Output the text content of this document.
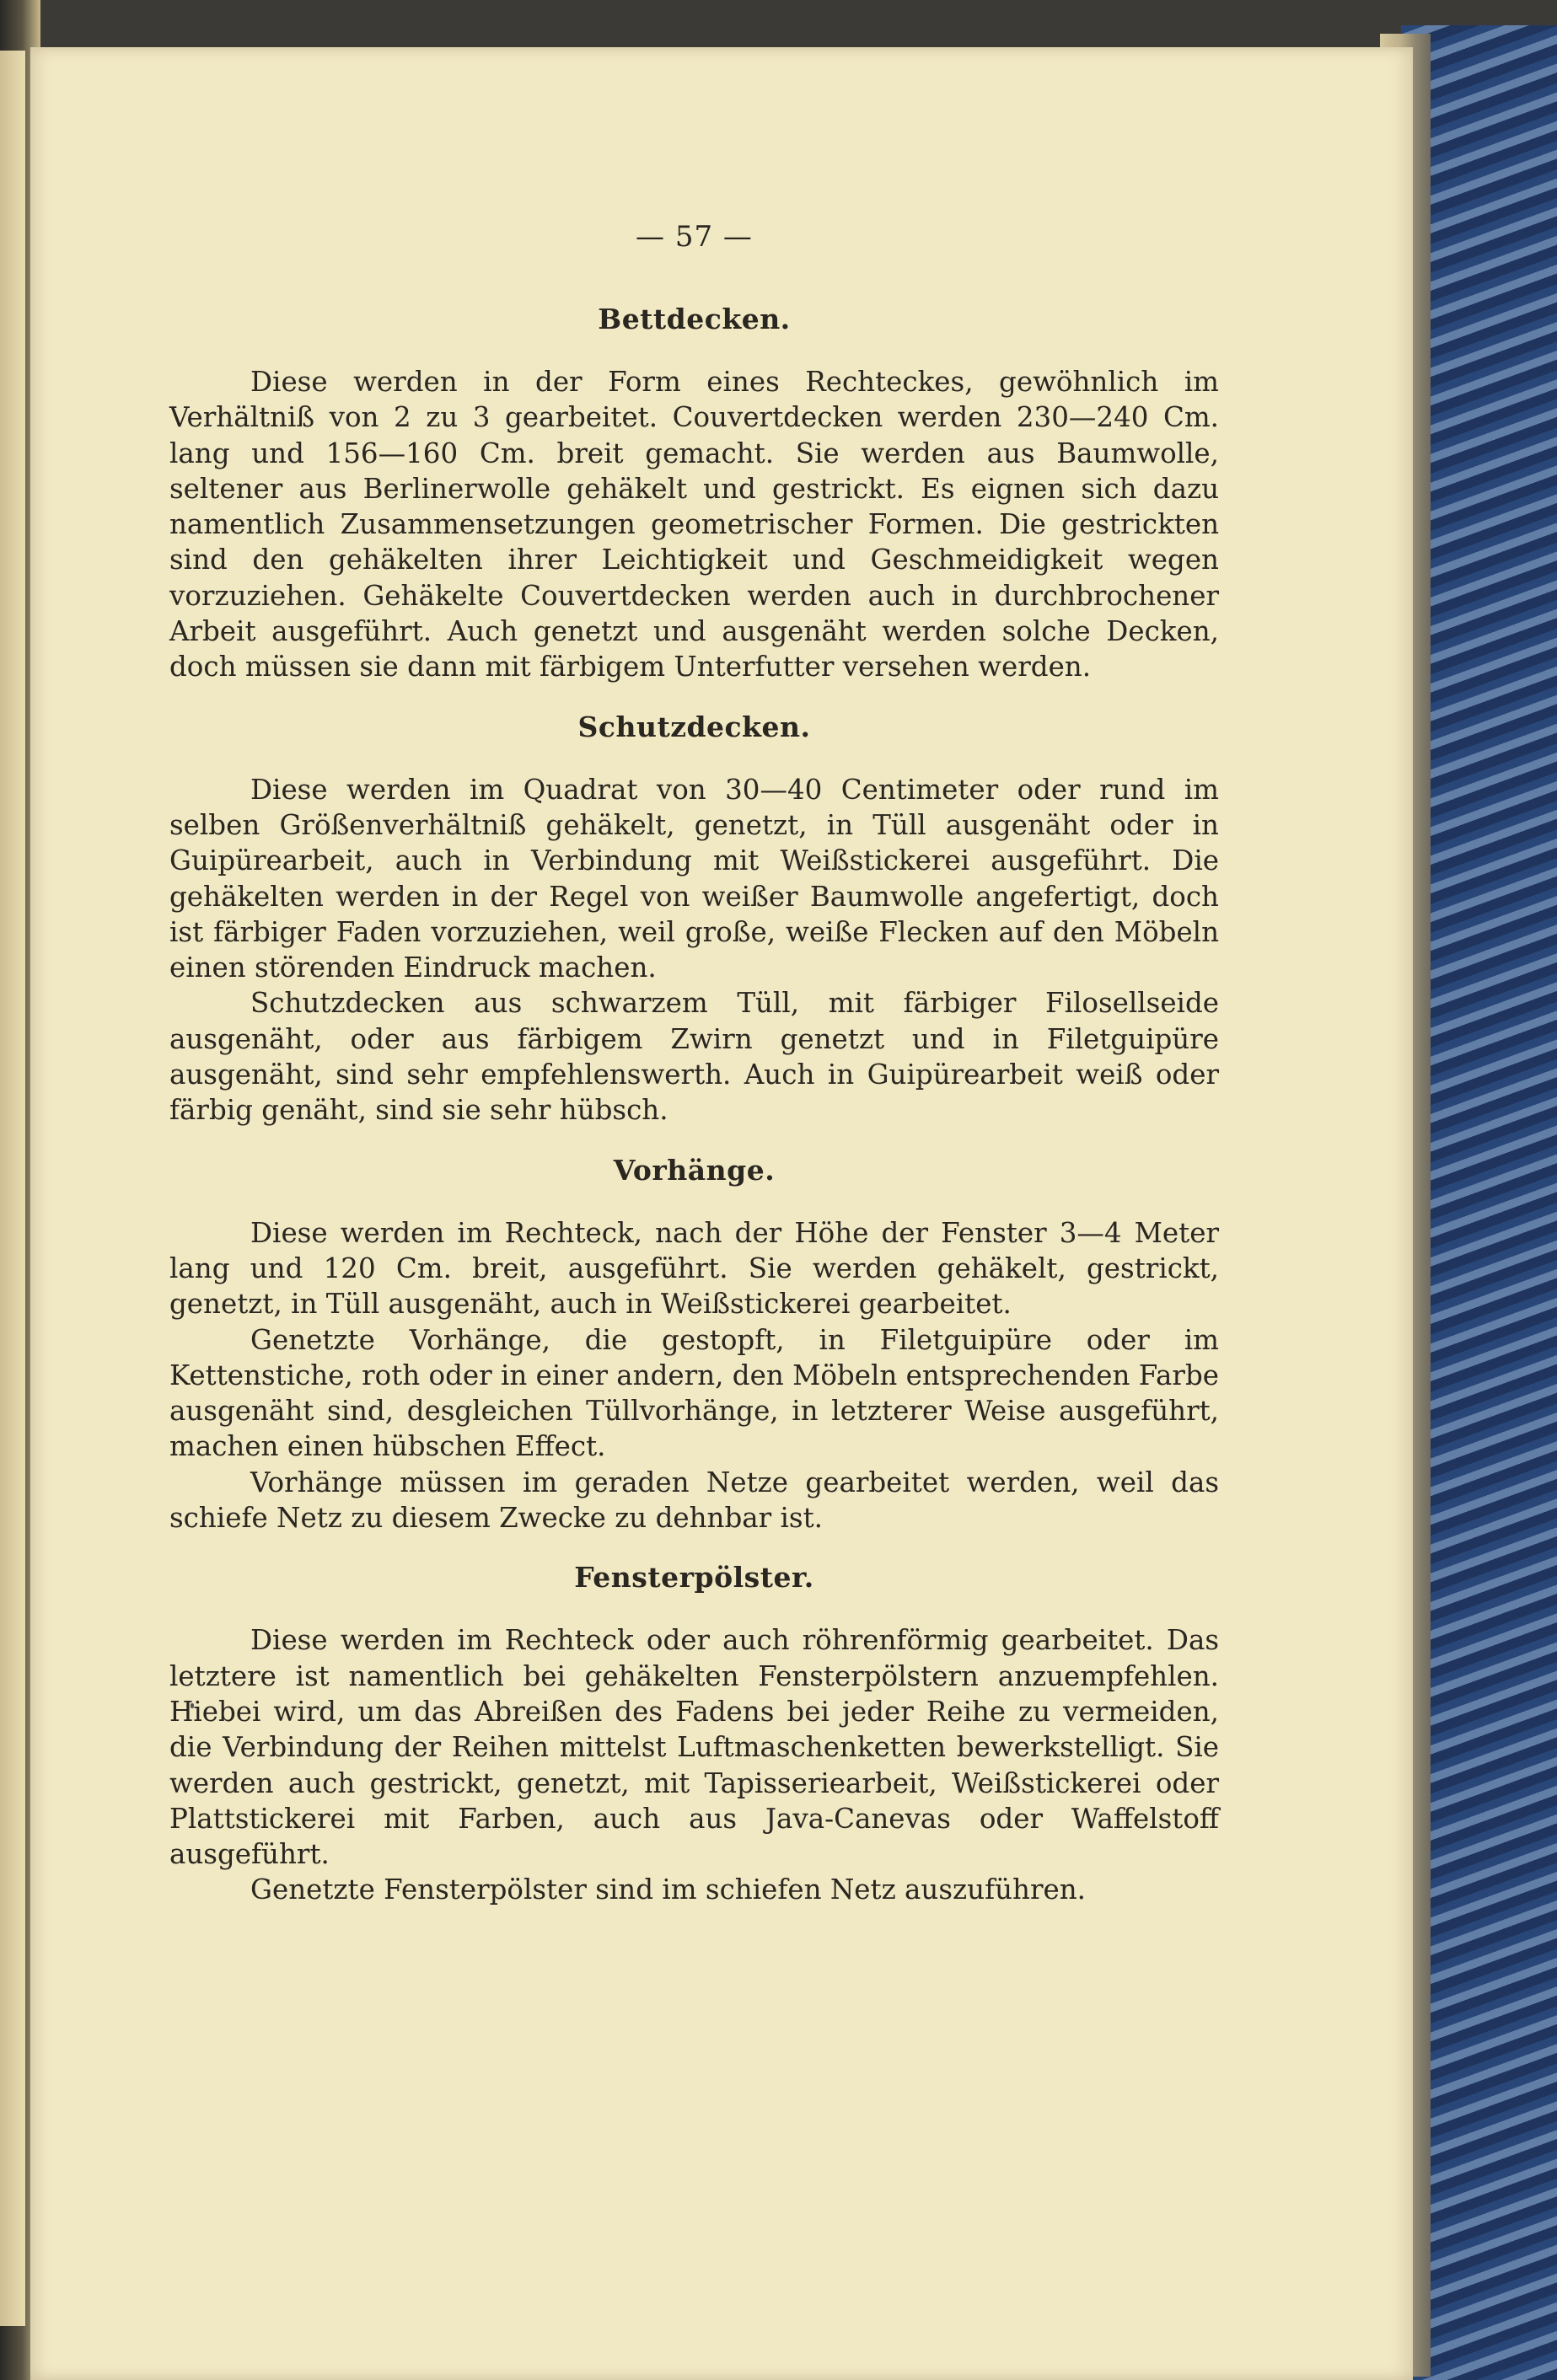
— 57 —
Bettdecken.

Diese werden in der Form eines Rechteckes, gewöhnlich im Verhältniß von 2 zu 3 gearbeitet. Couvertdecken werden 230—240 Cm. lang und 156—160 Cm. breit gemacht. Sie werden aus Baumwolle, seltener aus Berlinerwolle gehäkelt und gestrickt. Es eignen sich dazu namentlich Zusammensetzungen geometrischer Formen. Die gestrickten sind den gehäkelten ihrer Leichtigkeit und Geschmeidigkeit wegen vorzuziehen. Gehäkelte Couvertdecken werden auch in durchbrochener Arbeit ausgeführt. Auch genetzt und ausgenäht werden solche Decken, doch müssen sie dann mit färbigem Unterfutter versehen werden.

Schutzdecken.

Diese werden im Quadrat von 30—40 Centimeter oder rund im selben Größenverhältniß gehäkelt, genetzt, in Tüll ausgenäht oder in Guipürearbeit, auch in Verbindung mit Weißstickerei ausgeführt. Die gehäkelten werden in der Regel von weißer Baumwolle angefertigt, doch ist färbiger Faden vorzuziehen, weil große, weiße Flecken auf den Möbeln einen störenden Eindruck machen.

Schutzdecken aus schwarzem Tüll, mit färbiger Filosellseide ausgenäht, oder aus färbigem Zwirn genetzt und in Filetguipüre ausgenäht, sind sehr empfehlenswerth. Auch in Guipürearbeit weiß oder färbig genäht, sind sie sehr hübsch.

Vorhänge.

Diese werden im Rechteck, nach der Höhe der Fenster 3—4 Meter lang und 120 Cm. breit, ausgeführt. Sie werden gehäkelt, gestrickt, genetzt, in Tüll ausgenäht, auch in Weißstickerei gearbeitet.

Genetzte Vorhänge, die gestopft, in Filetguipüre oder im Kettenstiche, roth oder in einer andern, den Möbeln entsprechenden Farbe ausgenäht sind, desgleichen Tüllvorhänge, in letzterer Weise ausgeführt, machen einen hübschen Effect.

Vorhänge müssen im geraden Netze gearbeitet werden, weil das schiefe Netz zu diesem Zwecke zu dehnbar ist.

Fensterpölster.

Diese werden im Rechteck oder auch röhrenförmig gearbeitet. Das letztere ist namentlich bei gehäkelten Fensterpölstern anzuempfehlen. Hiebei wird, um das Abreißen des Fadens bei jeder Reihe zu vermeiden, die Verbindung der Reihen mittelst Luftmaschenketten bewerkstelligt. Sie werden auch gestrickt, genetzt, mit Tapisseriearbeit, Weißstickerei oder Plattstickerei mit Farben, auch aus Java-Canevas oder Waffelstoff ausgeführt.

Genetzte Fensterpölster sind im schiefen Netz auszuführen.
